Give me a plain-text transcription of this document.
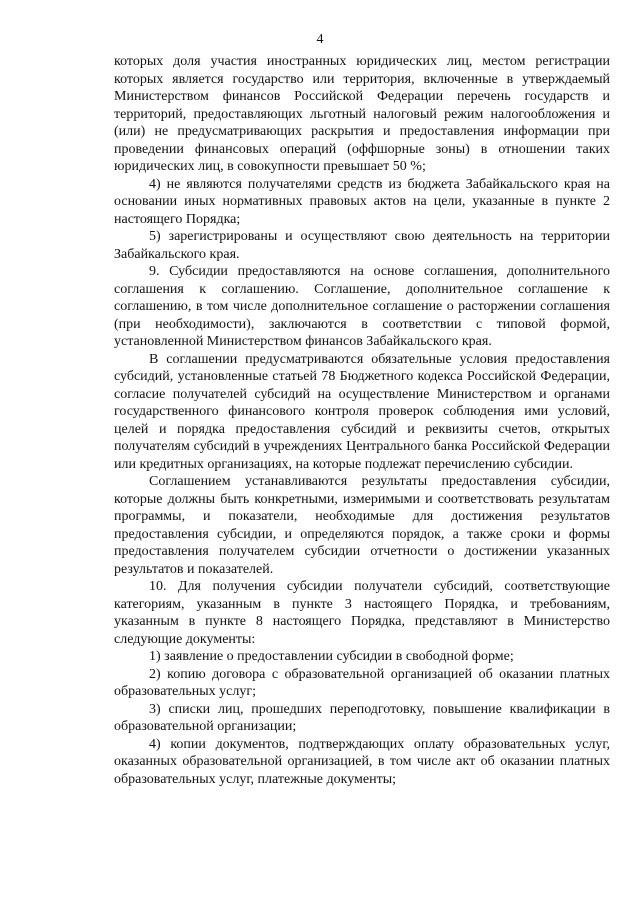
4

которых доля участия иностранных юридических лиц, местом регистрации которых является государство или территория, включенные в утверждаемый Министерством финансов Российской Федерации перечень государств и территорий, предоставляющих льготный налоговый режим налогообложения и (или) не предусматривающих раскрытия и предоставления информации при проведении финансовых операций (оффшорные зоны) в отношении таких юридических лиц, в совокупности превышает 50 %;

4) не являются получателями средств из бюджета Забайкальского края на основании иных нормативных правовых актов на цели, указанные в пункте 2 настоящего Порядка;

5) зарегистрированы и осуществляют свою деятельность на территории Забайкальского края.

9. Субсидии предоставляются на основе соглашения, дополнительного соглашения к соглашению. Соглашение, дополнительное соглашение к соглашению, в том числе дополнительное соглашение о расторжении соглашения (при необходимости), заключаются в соответствии с типовой формой, установленной Министерством финансов Забайкальского края.

В соглашении предусматриваются обязательные условия предоставления субсидий, установленные статьей 78 Бюджетного кодекса Российской Федерации, согласие получателей субсидий на осуществление Министерством и органами государственного финансового контроля проверок соблюдения ими условий, целей и порядка предоставления субсидий и реквизиты счетов, открытых получателям субсидий в учреждениях Центрального банка Российской Федерации или кредитных организациях, на которые подлежат перечислению субсидии.

Соглашением устанавливаются результаты предоставления субсидии, которые должны быть конкретными, измеримыми и соответствовать результатам программы, и показатели, необходимые для достижения результатов предоставления субсидии, и определяются порядок, а также сроки и формы предоставления получателем субсидии отчетности о достижении указанных результатов и показателей.

10. Для получения субсидии получатели субсидий, соответствующие категориям, указанным в пункте 3 настоящего Порядка, и требованиям, указанным в пункте 8 настоящего Порядка, представляют в Министерство следующие документы:

1) заявление о предоставлении субсидии в свободной форме;

2) копию договора с образовательной организацией об оказании платных образовательных услуг;

3) списки лиц, прошедших переподготовку, повышение квалификации в образовательной организации;

4) копии документов, подтверждающих оплату образовательных услуг, оказанных образовательной организацией, в том числе акт об оказании платных образовательных услуг, платежные документы;
